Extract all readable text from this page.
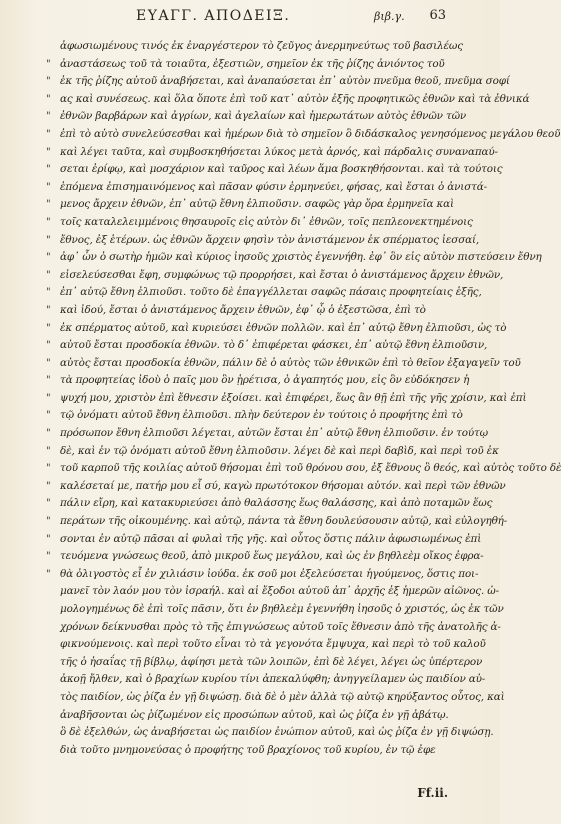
ΕΥΑΓΓ. ΑΠΟΔΕΙΞ.	βιβ.γ. 63
ἀφωσιωμένους τινός ἐκ ἐναργέστερον τὸ ζεῦγος ἀνερμηνεύτως τοῦ βασιλέως
" ἀναστάσεως τοῦ τὰ τοιαῦτα, ἐξεστιῶν, σημεῖον ἐκ τῆς ῥίζης ἀνιόντος τοῦ
" ἐκ τῆς ῥίζης αὐτοῦ ἀναβήσεται, καὶ ἀναπαύσεται ἐπ᾽ αὐτὸν πνεῦμα θεοῦ, πνεῦμα σοφί
" ας καὶ συνέσεως. καὶ ὅλα ὅποτε ἐπὶ τοῦ κατ᾽ αὐτὸν ἐξῆς προφητικῶς ἐθνῶν καὶ τὰ ἐθνικά
" ἐθνῶν βαρβάρων καὶ ἀγρίων, καὶ ἀγελαίων καὶ ἡμερωτάτων αὐτὸς ἐθνῶν τῶν
" ἐπὶ τὸ αὐτὸ συνελεύσεσθαι καὶ ἡμέρων διὰ τὸ σημεῖον ὃ διδάσκαλος γενησόμενος μεγάλου θεοῦ
" καὶ λέγει ταῦτα, καὶ συμβοσκηθήσεται λύκος μετὰ ἀρνός, καὶ πάρδαλις συναναπαύ-
" σεται ἐρίφῳ, καὶ μοσχάριον καὶ ταῦρος καὶ λέων ἅμα βοσκηθήσονται. καὶ τὰ τούτοις
" ἑπόμενα ἐπισημαινόμενος καὶ πᾶσαν φύσιν ἑρμηνεύει, φήσας, καὶ ἔσται ὁ ἀνιστά-
" μενος ἄρχειν ἐθνῶν, ἐπ᾽ αὐτῷ ἔθνη ἐλπιοῦσιν. σαφῶς γὰρ ὅρα ἐρμηνεῖα καὶ
" τοῖς καταλελειμμένοις θησαυροῖς εἰς αὐτὸν δι᾽ ἐθνῶν, τοῖς πεπλεονεκτημένοις
" ἔθνος, ἐξ ἑτέρων. ὡς ἐθνῶν ἄρχειν φησὶν τὸν ἀνιστάμενον ἐκ σπέρματος ἰεσσαί,
" ἀφ᾽ ὧν ὁ σωτὴρ ἡμῶν καὶ κύριος ἰησοῦς χριστὸς ἐγεννήθη. ἐφ᾽ ὃν εἰς αὐτὸν πιστεύσειν ἔθνη
" εἰσελεύσεσθαι ἔφη, συμφώνως τῷ προρρήσει, καὶ ἔσται ὁ ἀνιστάμενος ἄρχειν ἐθνῶν,
" ἐπ᾽ αὐτῷ ἔθνη ἐλπιοῦσι. τοῦτο δὲ ἐπαγγέλλεται σαφῶς πάσαις προφητείαις ἑξῆς,
" καὶ ἰδού, ἔσται ὁ ἀνιστάμενος ἄρχειν ἐθνῶν, ἐφ᾽ ᾧ ὁ ἐξεστῶσα, ἐπὶ τὸ
" ἐκ σπέρματος αὐτοῦ, καὶ κυριεύσει ἐθνῶν πολλῶν. καὶ ἐπ᾽ αὐτῷ ἔθνη ἐλπιοῦσι, ὡς τὸ
" αὐτοῦ ἔσται προσδοκία ἐθνῶν. τὸ δ᾽ ἐπιφέρεται φάσκει, ἐπ᾽ αὐτῷ ἔθνη ἐλπιοῦσιν,
" αὐτὸς ἔσται προσδοκία ἐθνῶν, πάλιν δὲ ὁ αὐτὸς τῶν ἐθνικῶν ἐπὶ τὸ θεῖον ἐξαγαγεῖν τοῦ
" τὰ προφητείας ἰδοὺ ὁ παῖς μου ὃν ᾑρέτισα, ὁ ἀγαπητός μου, εἰς ὃν εὐδόκησεν ἡ
" ψυχή μου, χριστὸν ἐπὶ ἔθνεσιν ἐξοίσει. καὶ ἐπιφέρει, ἕως ἂν θῇ ἐπὶ τῆς γῆς χρίσιν, καὶ ἐπὶ
" τῷ ὀνόματι αὐτοῦ ἔθνη ἐλπιοῦσι. πλὴν δεύτερον ἐν τούτοις ὁ προφήτης ἐπὶ τὸ
" πρόσωπον ἔθνη ἐλπιοῦσι λέγεται, αὐτῶν ἔσται ἐπ᾽ αὐτῷ ἔθνη ἐλπιοῦσιν. ἐν τούτῳ
" δὲ, καὶ ἐν τῷ ὀνόματι αὐτοῦ ἔθνη ἐλπιοῦσιν. λέγει δὲ καὶ περὶ δαβὶδ, καὶ περὶ τοῦ ἐκ
" τοῦ καρποῦ τῆς κοιλίας αὐτοῦ θήσομαι ἐπὶ τοῦ θρόνου σου, ἐξ ἔθνους ὃ θεός, καὶ αὐτὸς τοῦτο δὲ
" καλέσεταί με, πατήρ μου εἶ σύ, καγὼ πρωτότοκον θήσομαι αὐτόν. καὶ περὶ τῶν ἐθνῶν
" πάλιν εἴρη, καὶ κατακυριεύσει ἀπὸ θαλάσσης ἕως θαλάσσης, καὶ ἀπὸ ποταμῶν ἕως
" περάτων τῆς οἰκουμένης. καὶ αὐτῷ, πάντα τὰ ἔθνη δουλεύσουσιν αὐτῷ, καὶ εὐλογηθή-
" σονται ἐν αὐτῷ πᾶσαι αἱ φυλαὶ τῆς γῆς. καὶ οὗτος ὅστις πάλιν ἀφωσιωμένως ἐπὶ
" τευόμενα γνώσεως θεοῦ, ἀπὸ μικροῦ ἕως μεγάλου, καὶ ὡς ἐν βηθλεὲμ οἴκος ἐφρα-
" θὰ ὀλιγοστὸς εἶ ἐν χιλιάσιν ἰούδα. ἐκ σοῦ μοι ἐξελεύσεται ἡγούμενος, ὅστις ποι-
μανεῖ τὸν λαόν μου τὸν ἰσραήλ. καὶ αἱ ἔξοδοι αὐτοῦ ἀπ᾽ ἀρχῆς ἐξ ἡμερῶν αἰῶνος. ὡ-
μολογημένως δὲ ἐπὶ τοῖς πᾶσιν, ὅτι ἐν βηθλεὲμ ἐγεννήθη ἰησοῦς ὁ χριστός, ὡς ἐκ τῶν
χρόνων δείκνυσθαι πρὸς τὸ τῆς ἐπιγνώσεως αὐτοῦ τοῖς ἔθνεσιν ἀπὸ τῆς ἀνατολῆς ἀ-
φικνούμενοις. καὶ περὶ τοῦτο εἶναι τὸ τὰ γεγονότα ἔμψυχα, καὶ περὶ τὸ τοῦ καλοῦ
τῆς ὁ ἠσαΐας τῇ βίβλῳ, ἀφίησι μετὰ τῶν λοιπῶν, ἐπὶ δὲ λέγει, λέγει ὡς ὑπέρτερον
ἀκοῇ ἤλθεν, καὶ ὁ βραχίων κυρίου τίνι ἀπεκαλύφθη; ἀνηγγείλαμεν ὡς παιδίον αὐ-
τὸς παιδίον, ὡς ῥίζα ἐν γῇ διψώσῃ. διὰ δὲ ὁ μὲν ἀλλὰ τῷ αὐτῷ κηρύξαντος οὗτος, καὶ
ἀναβῆσονται ὡς ῥίζωμένον εἰς προσώπων αὐτοῦ, καὶ ὡς ῥίζα ἐν γῇ ἀβάτῳ.
ὃ δὲ ἐξελθών, ὡς ἀναβήσεται ὡς παιδίον ἐνώπιον αὐτοῦ, καὶ ὡς ῥίζα ἐν γῇ διψώσῃ.
διὰ τοῦτο μνημονεύσας ὁ προφήτης τοῦ βραχίονος τοῦ κυρίου, ἐν τῷ ἐφε
Ff.ii.
